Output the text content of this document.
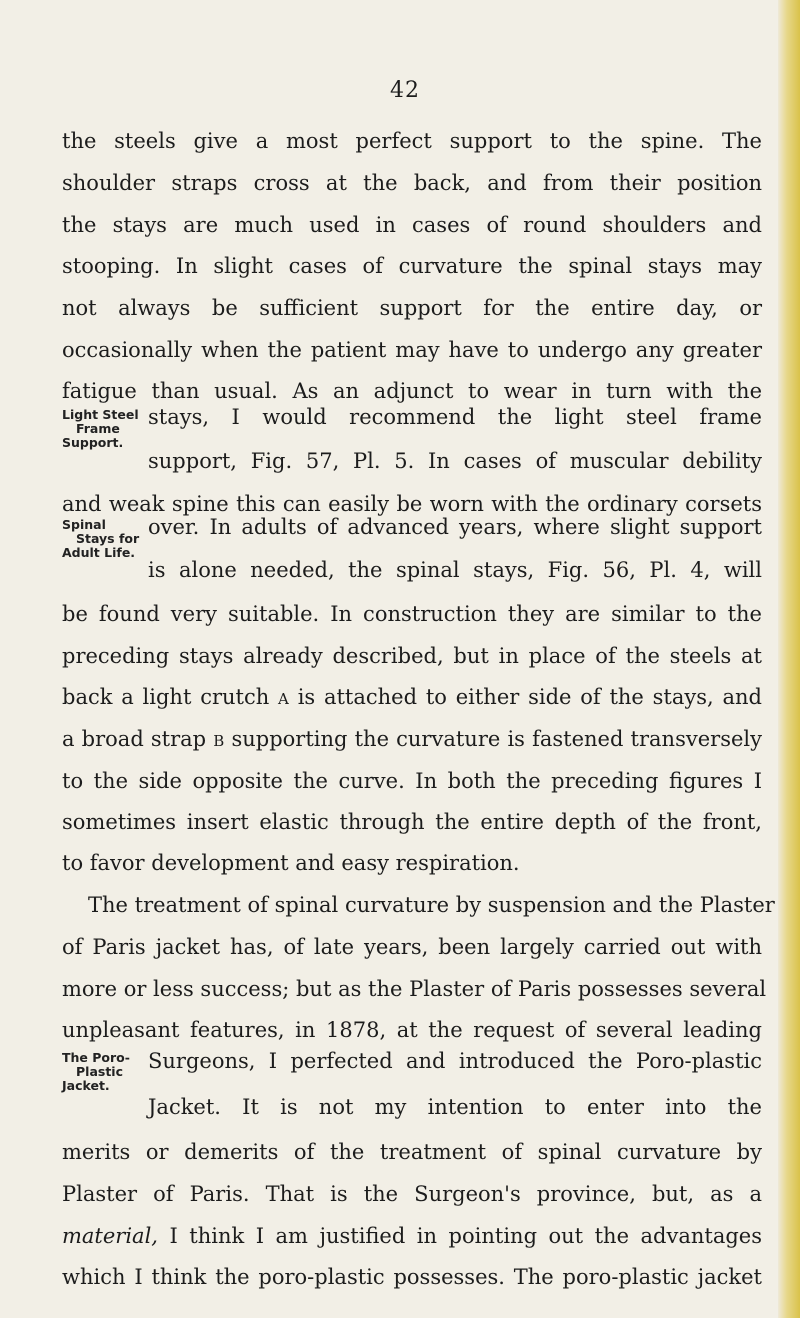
42
Light Steel
Frame
Support.
Spinal
Stays for
Adult Life.
The Poro-
Plastic
Jacket.
the steels give a most perfect support to the spine. The
shoulder straps cross at the back, and from their position
the stays are much used in cases of round shoulders and
stooping. In slight cases of curvature the spinal stays may
not always be sufficient support for the entire day, or
occasionally when the patient may have to undergo any greater
fatigue than usual. As an adjunct to wear in turn with the
stays, I would recommend the light steel frame
support, Fig. 57, Pl. 5. In cases of muscular debility
and weak spine this can easily be worn with the ordinary corsets
over. In adults of advanced years, where slight support
is alone needed, the spinal stays, Fig. 56, Pl. 4, will
be found very suitable. In construction they are similar to the
preceding stays already described, but in place of the steels at
back a light crutch A is attached to either side of the stays, and
a broad strap B supporting the curvature is fastened transversely
to the side opposite the curve. In both the preceding figures I
sometimes insert elastic through the entire depth of the front,
to favor development and easy respiration.
The treatment of spinal curvature by suspension and the Plaster
of Paris jacket has, of late years, been largely carried out with
more or less success; but as the Plaster of Paris possesses several
unpleasant features, in 1878, at the request of several leading
Surgeons, I perfected and introduced the Poro-plastic
Jacket. It is not my intention to enter into the
merits or demerits of the treatment of spinal curvature by
Plaster of Paris. That is the Surgeon's province, but, as a
material, I think I am justified in pointing out the advantages
which I think the poro-plastic possesses. The poro-plastic jacket
